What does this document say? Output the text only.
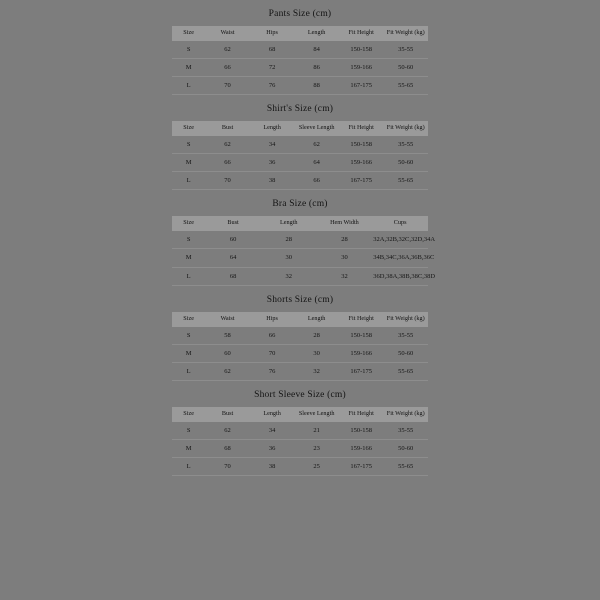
Pants Size (cm)
Size	Waist	Hips	Length	Fit Height	Fit Weight (kg)
S	62	68	84	150-158	35-55
M	66	72	86	159-166	50-60
L	70	76	88	167-175	55-65
Shirt's Size (cm)
Size	Bust	Length	Sleeve Length	Fit Height	Fit Weight (kg)
S	62	34	62	150-158	35-55
M	66	36	64	159-166	50-60
L	70	38	66	167-175	55-65
Bra Size (cm)
Size	Bust	Length	Hem Width	Cups
S	60	28	28	32A,32B,32C,32D,34A
M	64	30	30	34B,34C,36A,36B,36C
L	68	32	32	36D,38A,38B,38C,38D
Shorts Size (cm)
Size	Waist	Hips	Length	Fit Height	Fit Weight (kg)
S	58	66	28	150-158	35-55
M	60	70	30	159-166	50-60
L	62	76	32	167-175	55-65
Short Sleeve Size (cm)
Size	Bust	Length	Sleeve Length	Fit Height	Fit Weight (kg)
S	62	34	21	150-158	35-55
M	68	36	23	159-166	50-60
L	70	38	25	167-175	55-65
